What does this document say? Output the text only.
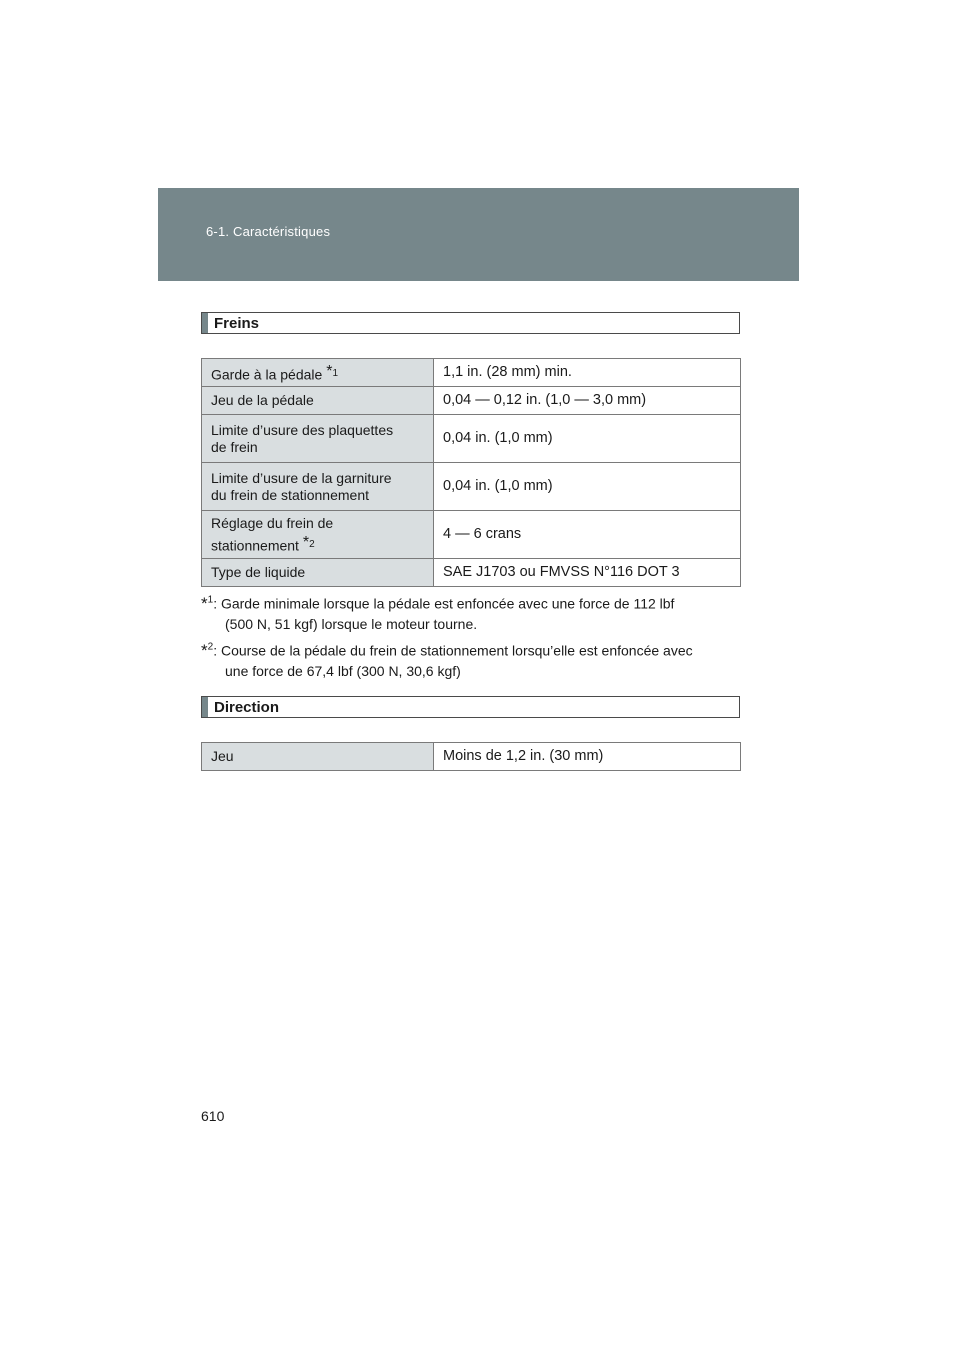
6-1. Caractéristiques
Freins
Garde à la pédale $^{*1}$	1,1 in. (28 mm) min.
Jeu de la pédale	0,04 — 0,12 in. (1,0 — 3,0 mm)
Limite d’usure des plaquettes
de frein	0,04 in. (1,0 mm)
Limite d’usure de la garniture
du frein de stationnement	0,04 in. (1,0 mm)
Réglage du frein de
stationnement $^{*2}$	4 — 6 crans
Type de liquide	SAE J1703 ou FMVSS N°116 DOT 3
*$^1$: Garde minimale lorsque la pédale est enfoncée avec une force de 112 lbf
(500 N, 51 kgf) lorsque le moteur tourne.
*$^2$: Course de la pédale du frein de stationnement lorsqu’elle est enfoncée avec
une force de 67,4 lbf (300 N, 30,6 kgf)
Direction
Jeu	Moins de 1,2 in. (30 mm)
610
